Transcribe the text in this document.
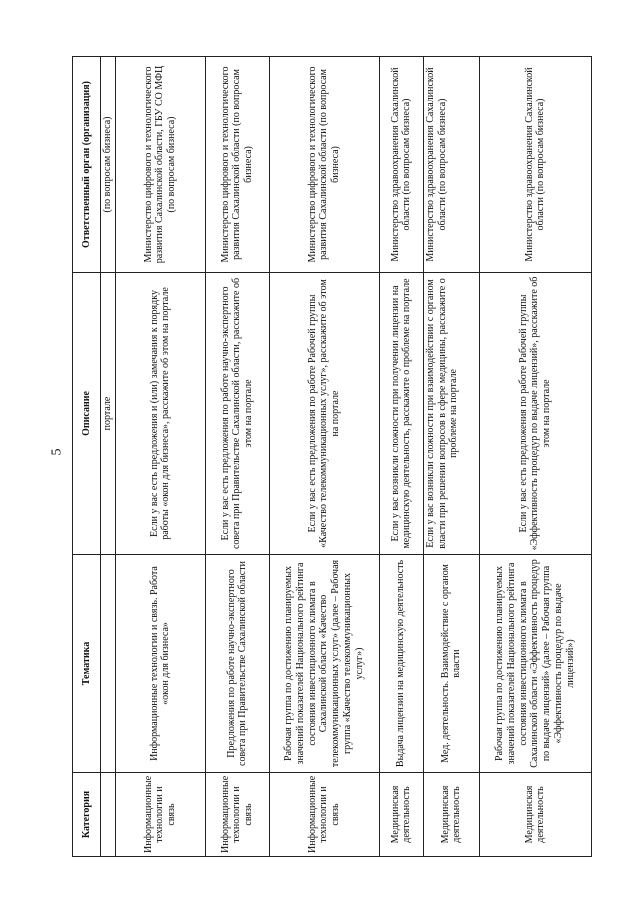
5
Категория	Тематика	Описание	Ответственный орган (организация)

		портале	(по вопросам бизнеса)
Информационные технологии и связь	Информационные технологии и связь. Работа «окон для бизнеса»	Если у вас есть предложения и (или) замечания к порядку работы «окон для бизнеса», расскажите об этом на портале	Министерство цифрового и технологического развития Сахалинской области, ГБУ СО МФЦ (по вопросам бизнеса)
Информационные технологии и связь	Предложения по работе научно-экспертного совета при Правительстве Сахалинской области	Если у вас есть предложения по работе научно-экспертного совета при Правительстве Сахалинской области, расскажите об этом на портале	Министерство цифрового и технологического развития Сахалинской области (по вопросам бизнеса)
Информационные технологии и связь	Рабочая группа по достижению планируемых значений показателей Национального рейтинга состояния инвестиционного климата в Сахалинской области «Качество телекоммуникационных услуг» (далее – Рабочая группа «Качество телекоммуникационных услуг»)	Если у вас есть предложения по работе Рабочей группы «Качество телекоммуникационных услуг», расскажите об этом на портале	Министерство цифрового и технологического развития Сахалинской области (по вопросам бизнеса)
Медицинская деятельность	Выдача лицензии на медицинскую деятельность	Если у вас возникли сложности при получении лицензии на медицинскую деятельность, расскажите о проблеме на портале	Министерство здравоохранения Сахалинской области (по вопросам бизнеса)
Медицинская деятельность	Мед. деятельность. Взаимодействие с органом власти	Если у вас возникли сложности при взаимодействии с органом власти при решении вопросов в сфере медицины, расскажите о проблеме на портале	Министерство здравоохранения Сахалинской области (по вопросам бизнеса)
Медицинская деятельность	Рабочая группа по достижению планируемых значений показателей Национального рейтинга состояния инвестиционного климата в Сахалинской области «Эффективность процедур по выдаче лицензий» (далее – Рабочая группа «Эффективность процедур по выдаче лицензий»)	Если у вас есть предложения по работе Рабочей группы «Эффективность процедур по выдаче лицензий», расскажите об этом на портале	Министерство здравоохранения Сахалинской области (по вопросам бизнеса)
